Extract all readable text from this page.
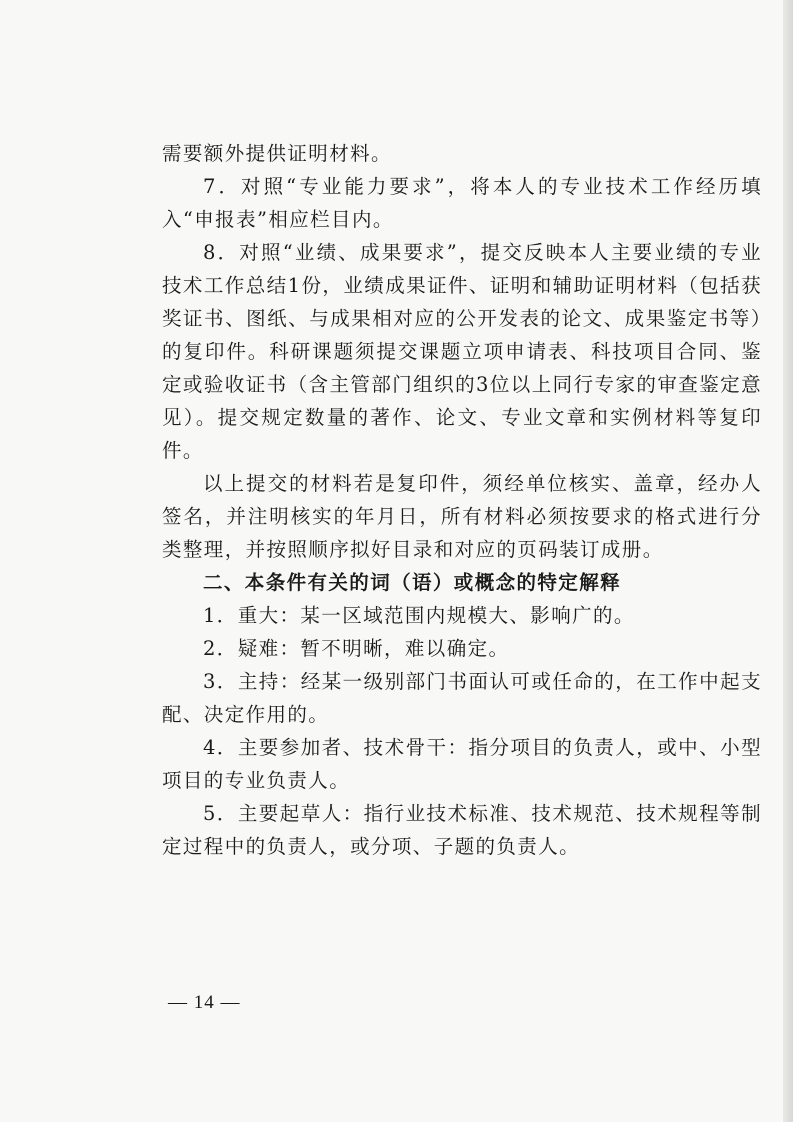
需要额外提供证明材料。

7．对照“专业能力要求”，将本人的专业技术工作经历填入“申报表”相应栏目内。

8．对照“业绩、成果要求”，提交反映本人主要业绩的专业技术工作总结1份，业绩成果证件、证明和辅助证明材料（包括获奖证书、图纸、与成果相对应的公开发表的论文、成果鉴定书等）的复印件。科研课题须提交课题立项申请表、科技项目合同、鉴定或验收证书（含主管部门组织的3位以上同行专家的审查鉴定意见）。提交规定数量的著作、论文、专业文章和实例材料等复印件。

以上提交的材料若是复印件，须经单位核实、盖章，经办人签名，并注明核实的年月日，所有材料必须按要求的格式进行分类整理，并按照顺序拟好目录和对应的页码装订成册。

二、本条件有关的词（语）或概念的特定解释

1．重大：某一区域范围内规模大、影响广的。

2．疑难：暂不明晰，难以确定。

3．主持：经某一级别部门书面认可或任命的，在工作中起支配、决定作用的。

4．主要参加者、技术骨干：指分项目的负责人，或中、小型项目的专业负责人。

5．主要起草人：指行业技术标准、技术规范、技术规程等制定过程中的负责人，或分项、子题的负责人。

— 14 —
